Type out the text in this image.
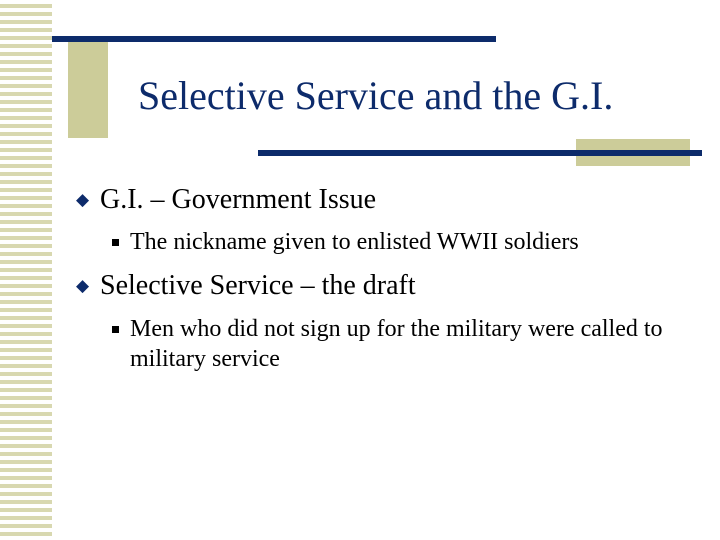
Selective Service and the G.I.
◆ G.I. – Government Issue
The nickname given to enlisted WWII soldiers
◆ Selective Service – the draft
Men who did not sign up for the military were called to military service
